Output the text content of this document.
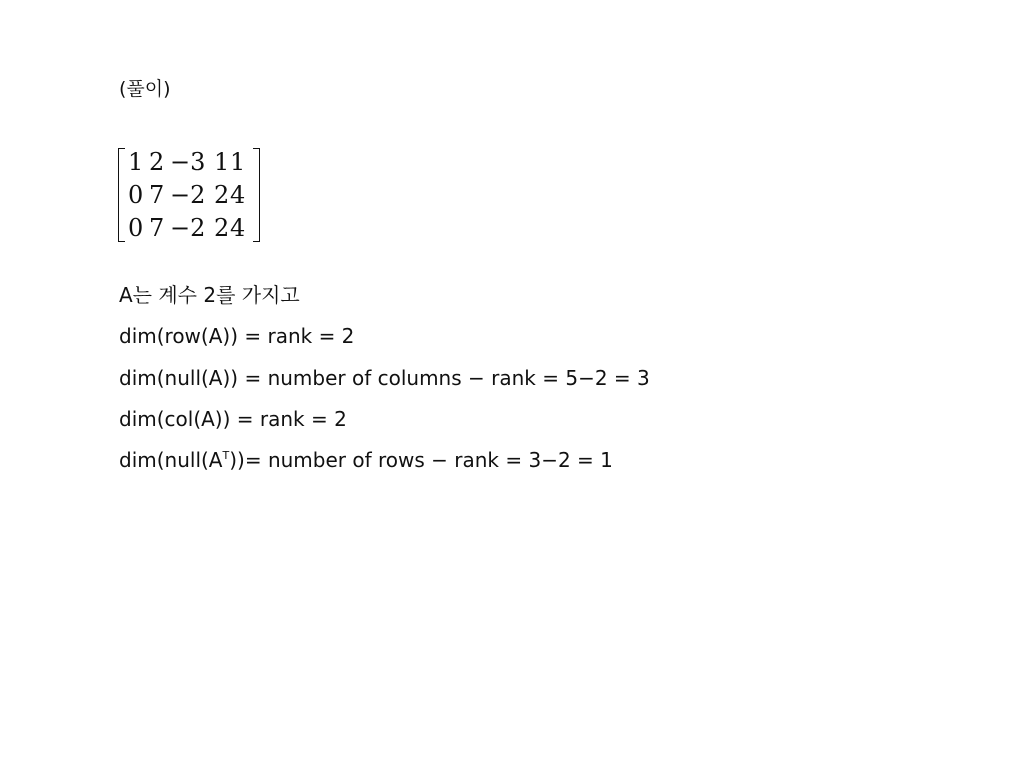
(풀이)
1 2 −3 1 1
0 7 −2 2 4
0 7 −2 2 4
A는 계수 2를 가지고
dim(row(A)) = rank = 2
dim(null(A)) = number of columns − rank = 5−2 = 3
dim(col(A)) = rank = 2
$dim(null(A^T))=$ number of rows − rank = 3−2 = 1
